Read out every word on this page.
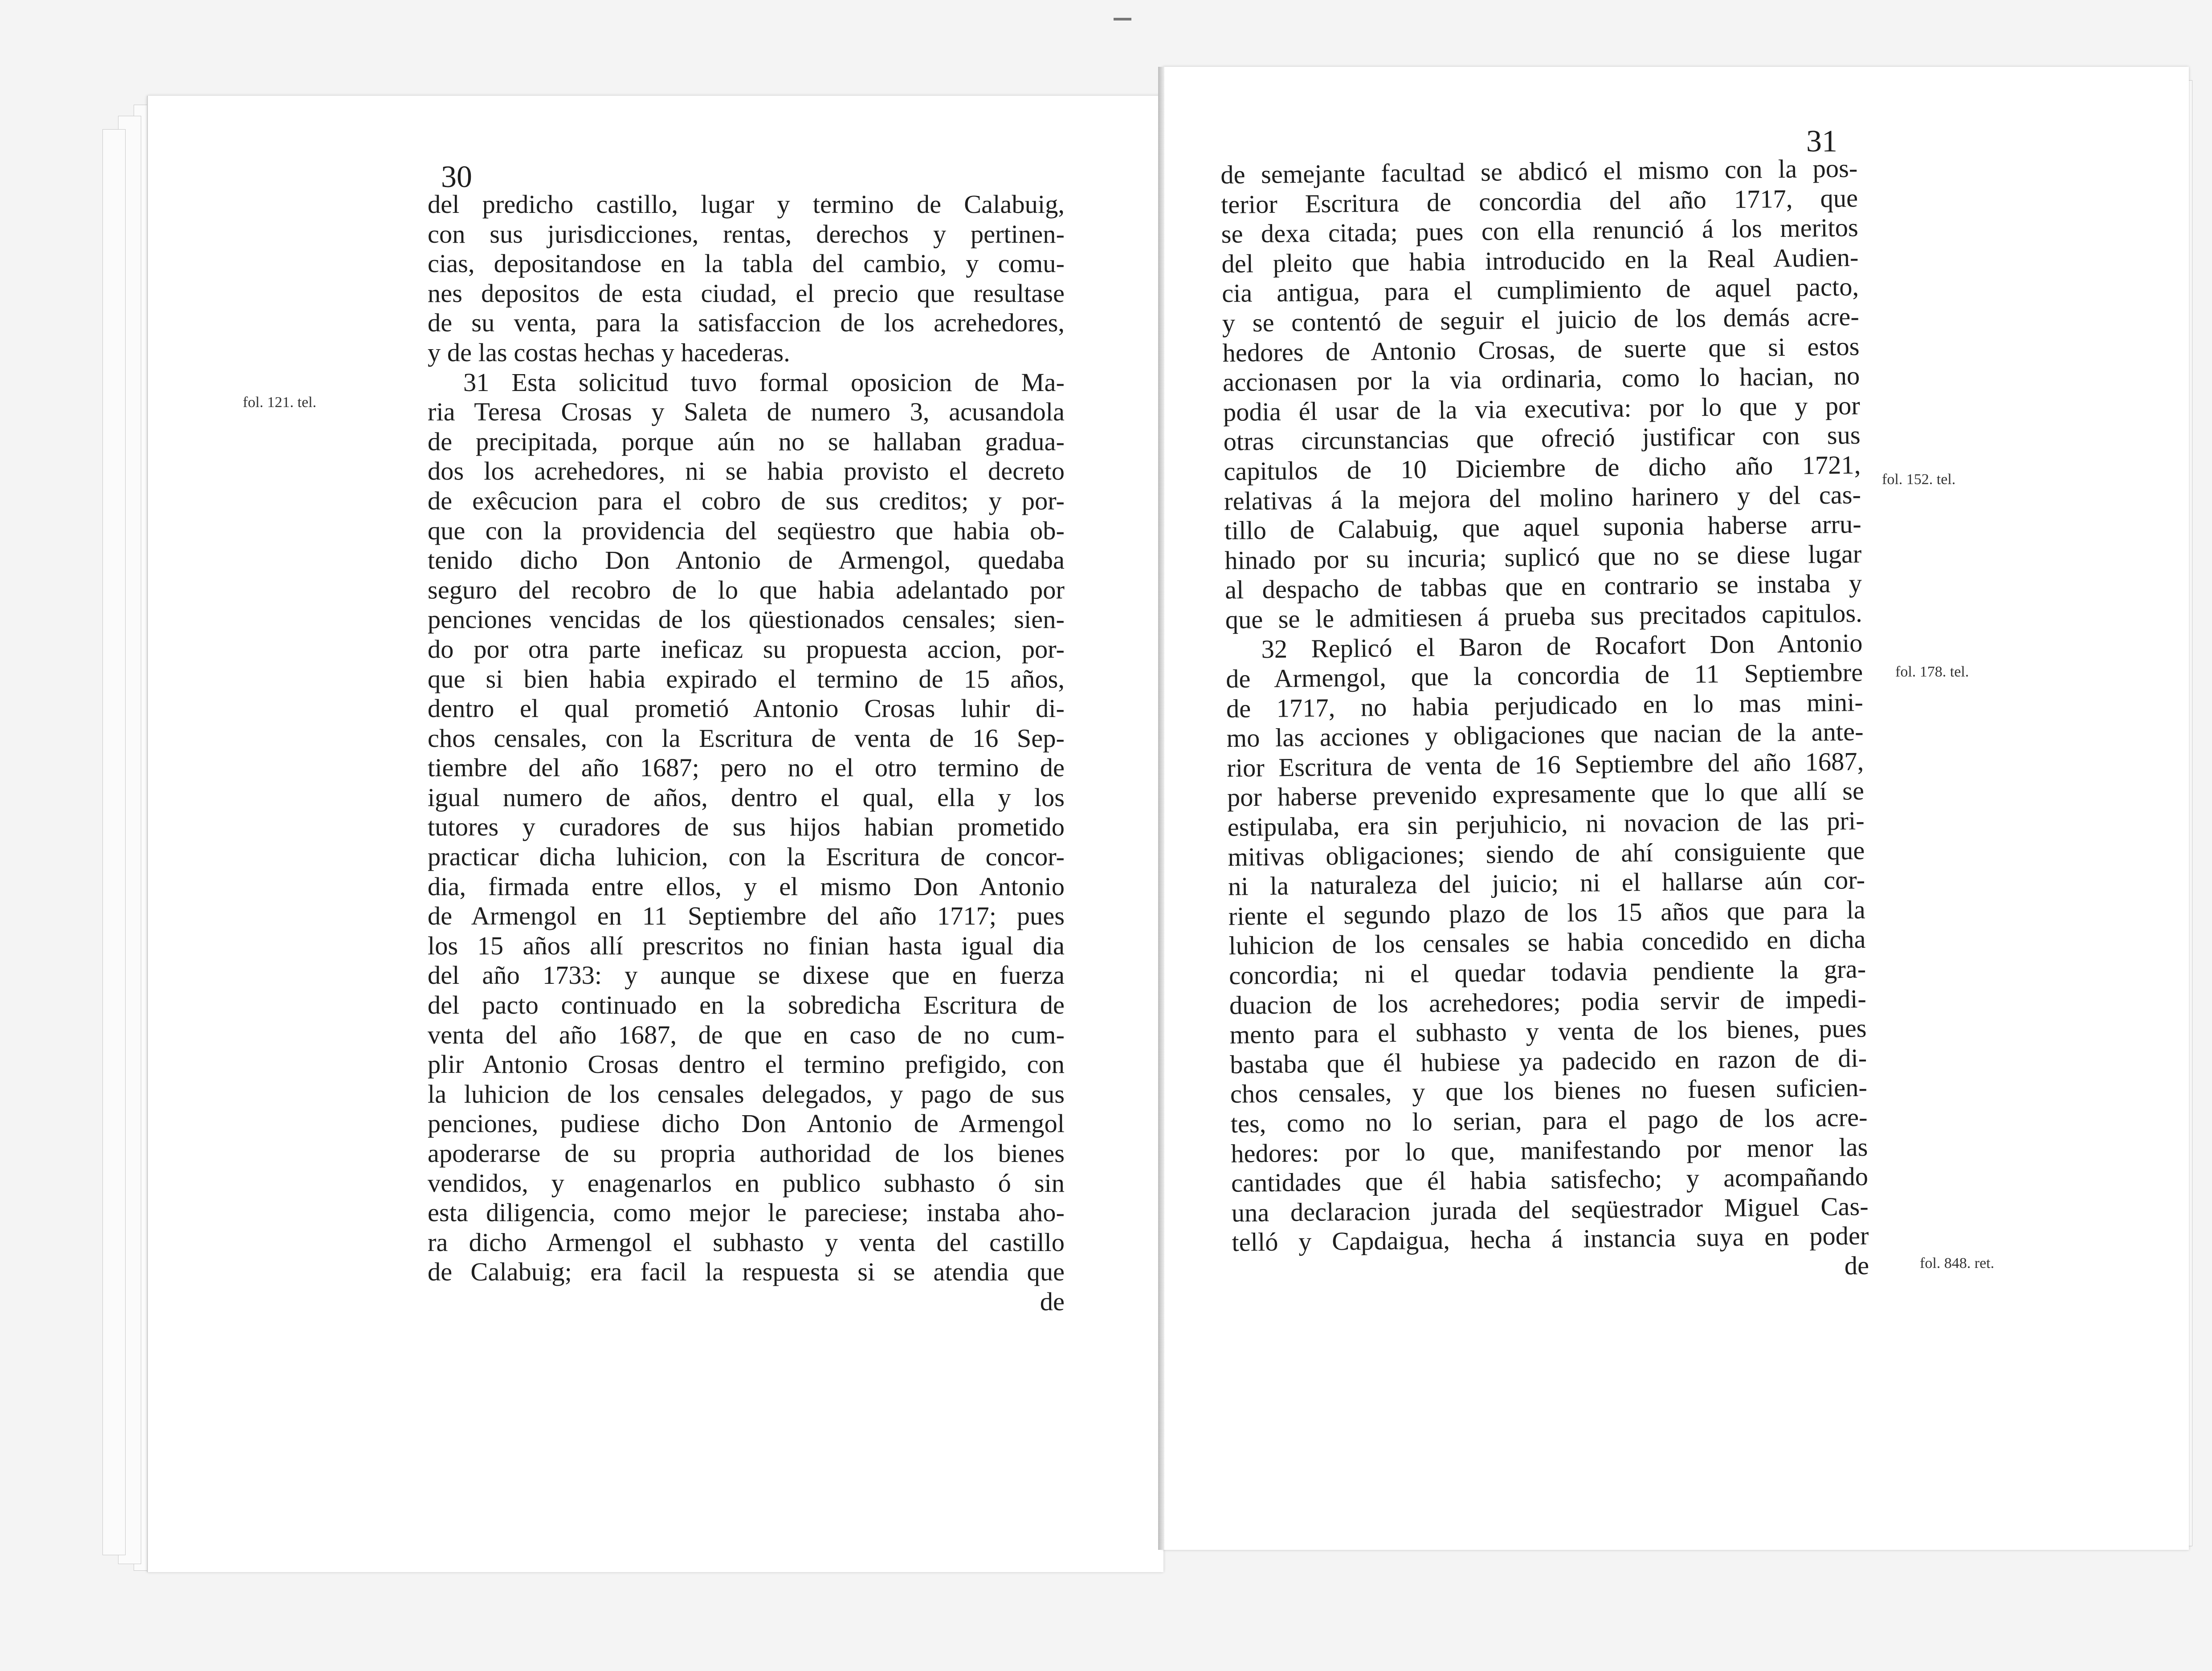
30
del predicho castillo, lugar y termino de Calabuig,
con sus jurisdicciones, rentas, derechos y pertinen-
cias, depositandose en la tabla del cambio, y comu-
nes depositos de esta ciudad, el precio que resultase
de su venta, para la satisfaccion de los acrehedores,
y de las costas hechas y hacederas.
31 Esta solicitud tuvo formal oposicion de Ma-
ria Teresa Crosas y Saleta de numero 3, acusandola
de precipitada, porque aún no se hallaban gradua-
dos los acrehedores, ni se habia provisto el decreto
de exêcucion para el cobro de sus creditos; y por-
que con la providencia del seqüestro que habia ob-
tenido dicho Don Antonio de Armengol, quedaba
seguro del recobro de lo que habia adelantado por
penciones vencidas de los qüestionados censales; sien-
do por otra parte ineficaz su propuesta accion, por-
que si bien habia expirado el termino de 15 años,
dentro el qual prometió Antonio Crosas luhir di-
chos censales, con la Escritura de venta de 16 Sep-
tiembre del año 1687; pero no el otro termino de
igual numero de años, dentro el qual, ella y los
tutores y curadores de sus hijos habian prometido
practicar dicha luhicion, con la Escritura de concor-
dia, firmada entre ellos, y el mismo Don Antonio
de Armengol en 11 Septiembre del año 1717; pues
los 15 años allí prescritos no finian hasta igual dia
del año 1733: y aunque se dixese que en fuerza
del pacto continuado en la sobredicha Escritura de
venta del año 1687, de que en caso de no cum-
plir Antonio Crosas dentro el termino prefigido, con
la luhicion de los censales delegados, y pago de sus
penciones, pudiese dicho Don Antonio de Armengol
apoderarse de su propria authoridad de los bienes
vendidos, y enagenarlos en publico subhasto ó sin
esta diligencia, como mejor le pareciese; instaba aho-
ra dicho Armengol el subhasto y venta del castillo
de Calabuig; era facil la respuesta si se atendia que
de
fol. 121. tel.
31
de semejante facultad se abdicó el mismo con la pos-
terior Escritura de concordia del año 1717, que
se dexa citada; pues con ella renunció á los meritos
del pleito que habia introducido en la Real Audien-
cia antigua, para el cumplimiento de aquel pacto,
y se contentó de seguir el juicio de los demás acre-
hedores de Antonio Crosas, de suerte que si estos
accionasen por la via ordinaria, como lo hacian, no
podia él usar de la via executiva: por lo que y por
otras circunstancias que ofreció justificar con sus
capitulos de 10 Diciembre de dicho año 1721,
relativas á la mejora del molino harinero y del cas-
tillo de Calabuig, que aquel suponia haberse arru-
hinado por su incuria; suplicó que no se diese lugar
al despacho de tabbas que en contrario se instaba y
que se le admitiesen á prueba sus precitados capitulos.
32 Replicó el Baron de Rocafort Don Antonio
de Armengol, que la concordia de 11 Septiembre
de 1717, no habia perjudicado en lo mas mini-
mo las acciones y obligaciones que nacian de la ante-
rior Escritura de venta de 16 Septiembre del año 1687,
por haberse prevenido expresamente que lo que allí se
estipulaba, era sin perjuhicio, ni novacion de las pri-
mitivas obligaciones; siendo de ahí consiguiente que
ni la naturaleza del juicio; ni el hallarse aún cor-
riente el segundo plazo de los 15 años que para la
luhicion de los censales se habia concedido en dicha
concordia; ni el quedar todavia pendiente la gra-
duacion de los acrehedores; podia servir de impedi-
mento para el subhasto y venta de los bienes, pues
bastaba que él hubiese ya padecido en razon de di-
chos censales, y que los bienes no fuesen suficien-
tes, como no lo serian, para el pago de los acre-
hedores: por lo que, manifestando por menor las
cantidades que él habia satisfecho; y acompañando
una declaracion jurada del seqüestrador Miguel Cas-
telló y Capdaigua, hecha á instancia suya en poder
de
fol. 152. tel.
fol. 178. tel.
fol. 848. ret.
